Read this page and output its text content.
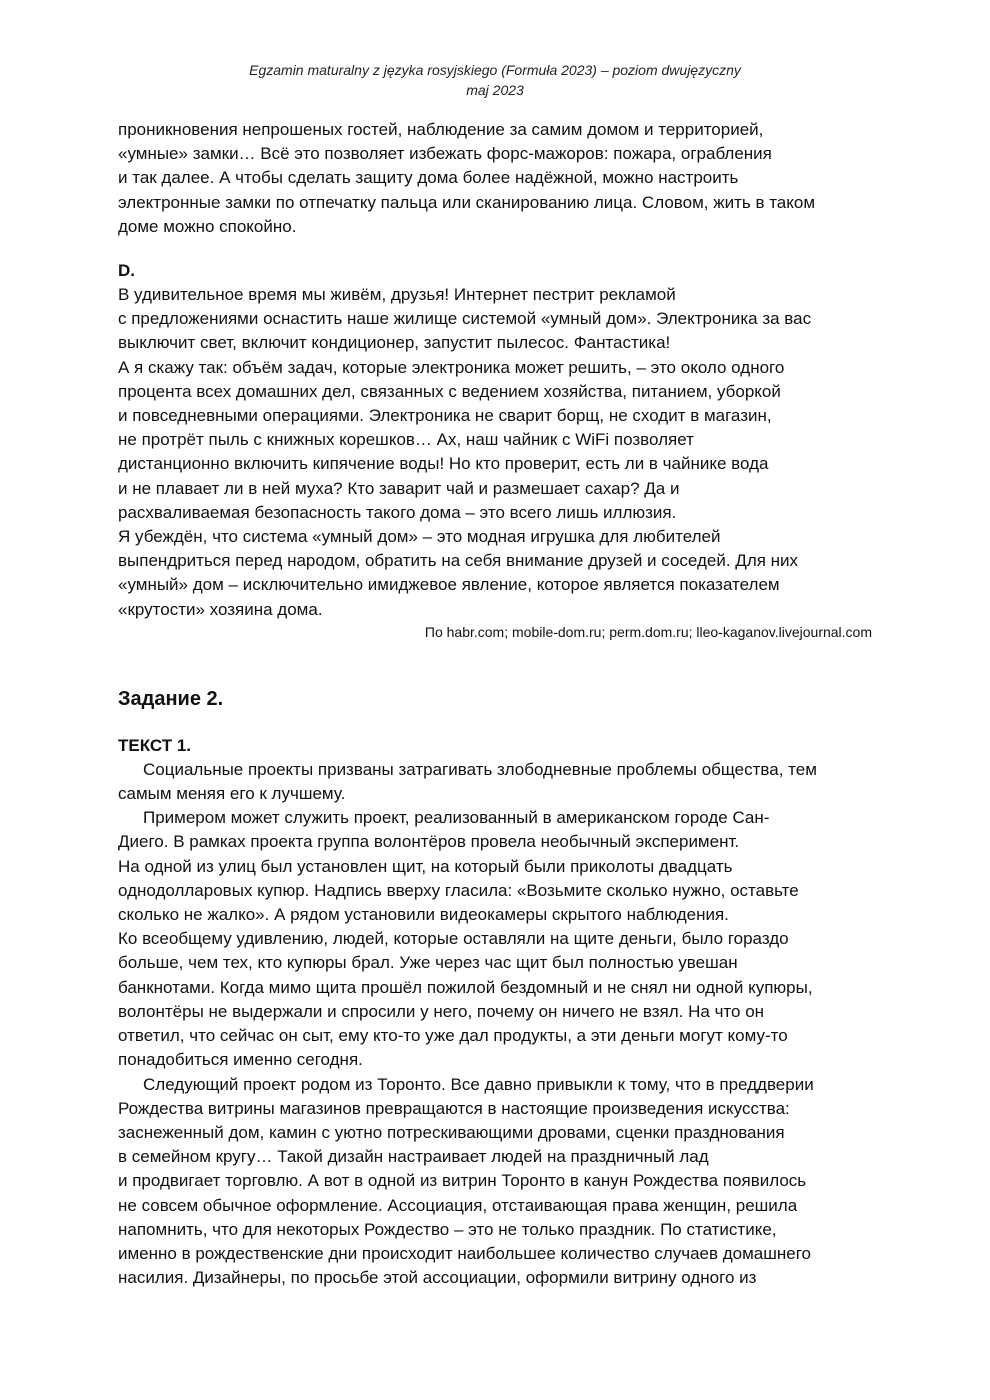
Egzamin maturalny z języka rosyjskiego (Formuła 2023) – poziom dwujęzyczny
maj 2023
проникновения непрошеных гостей, наблюдение за самим домом и территорией,
«умные» замки… Всё это позволяет избежать форс-мажоров: пожара, ограбления
и так далее. А чтобы сделать защиту дома более надёжной, можно настроить
электронные замки по отпечатку пальца или сканированию лица. Словом, жить в таком
доме можно спокойно.
D.
В удивительное время мы живём, друзья! Интернет пестрит рекламой
с предложениями оснастить наше жилище системой «умный дом». Электроника за вас
выключит свет, включит кондиционер, запустит пылесос. Фантастика!
А я скажу так: объём задач, которые электроника может решить, – это около одного
процента всех домашних дел, связанных с ведением хозяйства, питанием, уборкой
и повседневными операциями. Электроника не сварит борщ, не сходит в магазин,
не протрёт пыль с книжных корешков… Ах, наш чайник с WiFi позволяет
дистанционно включить кипячение воды! Но кто проверит, есть ли в чайнике вода
и не плавает ли в ней муха? Кто заварит чай и размешает сахар? Да и
расхваливаемая безопасность такого дома – это всего лишь иллюзия.
Я убеждён, что система «умный дом» – это модная игрушка для любителей
выпендриться перед народом, обратить на себя внимание друзей и соседей. Для них
«умный» дом – исключительно имиджевое явление, которое является показателем
«крутости» хозяина дома.
По habr.com; mobile-dom.ru; perm.dom.ru; lleo-kaganov.livejournal.com
Задание 2.
ТЕКСТ 1.
Социальные проекты призваны затрагивать злободневные проблемы общества, тем
самым меняя его к лучшему.
Примером может служить проект, реализованный в американском городе Сан-
Диего. В рамках проекта группа волонтёров провела необычный эксперимент.
На одной из улиц был установлен щит, на который были приколоты двадцать
однодолларовых купюр. Надпись вверху гласила: «Возьмите сколько нужно, оставьте
сколько не жалко». А рядом установили видеокамеры скрытого наблюдения.
Ко всеобщему удивлению, людей, которые оставляли на щите деньги, было гораздо
больше, чем тех, кто купюры брал. Уже через час щит был полностью увешан
банкнотами. Когда мимо щита прошёл пожилой бездомный и не снял ни одной купюры,
волонтёры не выдержали и спросили у него, почему он ничего не взял. На что он
ответил, что сейчас он сыт, ему кто-то уже дал продукты, а эти деньги могут кому-то
понадобиться именно сегодня.
Следующий проект родом из Торонто. Все давно привыкли к тому, что в преддверии
Рождества витрины магазинов превращаются в настоящие произведения искусства:
заснеженный дом, камин с уютно потрескивающими дровами, сценки празднования
в семейном кругу… Такой дизайн настраивает людей на праздничный лад
и продвигает торговлю. А вот в одной из витрин Торонто в канун Рождества появилось
не совсем обычное оформление. Ассоциация, отстаивающая права женщин, решила
напомнить, что для некоторых Рождество – это не только праздник. По статистике,
именно в рождественские дни происходит наибольшее количество случаев домашнего
насилия. Дизайнеры, по просьбе этой ассоциации, оформили витрину одного из
